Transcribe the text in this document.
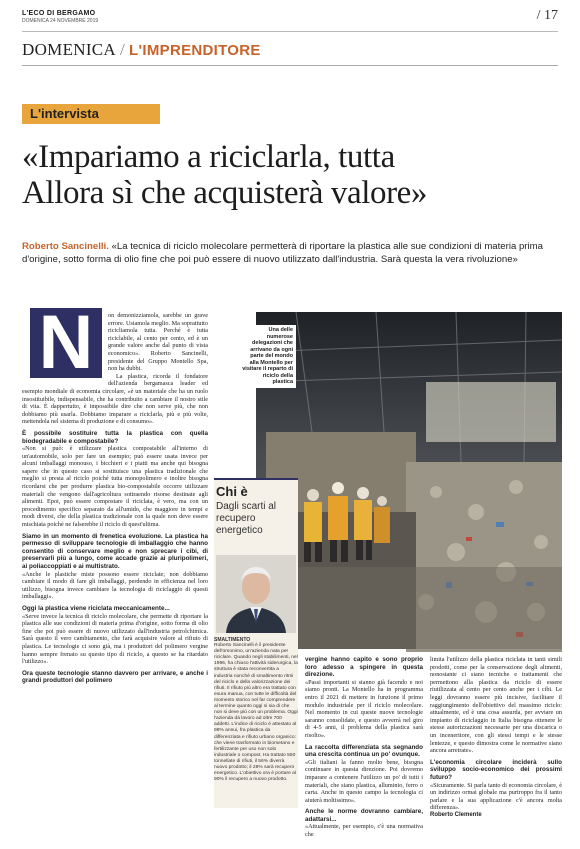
L'ECO DI BERGAMO
DOMENICA 24 NOVEMBRE 2019	/ 17
DOMENICA / L'IMPRENDITORE
L'intervista
«Impariamo a riciclarla, tutta
Allora sì che acquisterà valore»
Roberto Sancinelli. «La tecnica di riciclo molecolare permetterà di riportare la plastica alle sue condizioni di materia prima d'origine, sotto forma di olio fine che poi può essere di nuovo utilizzato dall'industria. Sarà questa la vera rivoluzione»
N	on demonizziamola, sarebbe un grave errore. Usiamola meglio. Ma soprattutto ricicliamola tutta. Perché è tutta riciclabile, al cento per cento, ed è un grande valore anche dal punto di vista economico». Roberto Sancinelli, presidente del Gruppo Montello Spa, non ha dubbi.

La plastica, ricorda il fondatore dell'azienda bergamasca leader ed esempio mondiale di economia circolare, «è un materiale che ha un ruolo insostituibile, indispensabile, che ha contribuito a cambiare il nostro stile di vita. È dappertutto, è impossibile dire che non serve più, che non dobbiamo più usarla. Dobbiamo imparare a riciclarla, più e più volte, mettendola nel sistema di produzione e di consumo».

È possibile sostituire tutta la plastica con quella biodegradabile e compostabile?

«Non si può: è utilizzare plastica compostabile all'interno di un'automobile, solo per fare un esempio; può essere usata invece per alcuni imballaggi monouso, i bicchieri e i piatti ma anche qui bisogna sapere che in questo caso si sostituisce una plastica tradizionale che meglio si presta al riciclo poiché tutta monopolimero e inoltre bisogna ricordarsi che per produrre plastica bio-compostabile occorre utilizzare materiali che vengono dall'agricoltura sottraendo risorse destinate agli alimenti. Epoi, può essere compostare il riciclata, è vero, ma con un procedimento specifico separato da all'umido, che maggiore in tempi e modi diversi, che della plastica tradizionale con la quale non deve essere mischiata poiché ne falserebbe il riciclo di quest'ultima.

Siamo in un momento di frenetica evoluzione. La plastica ha permesso di sviluppare tecnologie di imballaggio che hanno consentito di conservare meglio e non sprecare i cibi, di preservarli più a lungo, come accade grazie ai pluripolimeri, ai poliaccoppiati e ai multistrato.

«Anche le plastiche miste possono essere riciclate; non dobbiamo cambiare il modo di fare gli imballaggi, perdendo in efficienza nel loro utilizzo, bisogna invece cambiare la tecnologia di riciclaggio di questi imballaggi».

Oggi la plastica viene riciclata meccanicamente...

«Serve invece la tecnica di riciclo molecolare, che permette di riportare la plastica alle sue condizioni di materia prima d'origine, sotto forma di olio fine che poi può essere di nuovo utilizzato dall'industria petrolchimica. Sarà questo il vero cambiamento, che farà acquisire valore al rifiuto di plastica. Le tecnologie ci sono già, ma i produttori del polimero vergine hanno sempre frenato su questo tipo di riciclo, a questo se ha ritardato l'utilizzo».

Ora queste tecnologie stanno davvero per arrivare, e anche i grandi produttori del polimero

Una delle numerose delegazioni che arrivano da ogni parte del mondo alla Montello per visitare il reparto di riciclo della plastica
Chi è
Dagli scarti al recupero energetico
SMALTIMENTO
Roberto Sancinelli è il presidente dell'omonimo, un'azienda nata per riciclare. Quando negli stabilimenti, nel 1996, ha chiuso l'attività siderurgica, la struttura è stata reconvertita a industria nonché di smaltimento ritmi del riciclo e della valorizzazione dei rifiuti. Il rifiuto più altro era trattato con esura manua, con tutte le difficoltà del momento storico nel far comprendere al termine quanto oggi si sia di che non si deve più con un problema. Oggi l'azienda dà lavoro ad oltre 700 addetti. L'indice di riciclo è attestato al 98% annui, fra plastica da differenziata e rifiuto urbano organico: che viene trasformato in biometano e fertilizzante per uso non solo industriale o compost. Ha trattato 550 tonnellate di rifiuti, il 56% diverrà nuovo prodotto; il 28% sarà recupero energetico. L'obiettivo ora è portare al 90% il recupero a nuovo prodotto.

vergine hanno capito e sono proprio loro adesso a spingere in questa direzione.

«Passi importanti si stanno già facendo e noi siamo pronti. La Montello ha in programma entro il 2021 di mettere in funzione il primo modulo industriale per il riciclo molecolare. Nel momento in cui queste nuove tecnologie saranno consolidate, e questo avverrà nel giro di 4-5 anni, il problema della plastica sarà risolto».

La raccolta differenziata sta segnando una crescita continua un po' ovunque.

«Gli italiani la fanno molto bene, bisogna continuare in questa direzione. Poi dovremo imparare a contenere l'utilizzo un po' di tutti i materiali, che siano plastica, alluminio, ferro o carta. Anche in questo campo la tecnologia ci aiuterà moltissimo».

Anche le norme dovranno cambiare, adattarsi...

«Attualmente, per esempio, c'è una normativa che

limita l'utilizzo della plastica riciclata in tanti simili prodotti, come per la conservazione degli alimenti, nonostante ci siano tecniche e trattamenti che permettono alla plastica da riciclo di essere riutilizzata al cento per cento anche per i cibi. Le leggi dovranno essere più incisive, facilitare il raggiungimento dell'obiettivo del massimo riciclo: attualmente, ed è una cosa assurda, per avviare un impianto di riciclaggio in Italia bisogna ottenere le stesse autorizzazioni necessarie per una discarica o un inceneritore, con gli stessi tempi e le stesse lentezze, e questo dimostra come le normative siano ancora arretrate».

L'economia circolare inciderà sullo sviluppo socio-economico dei prossimi futuro?

«Sicuramente. Si parla tanto di economia circolare, è un indirizzo ormai globale ma purtroppo fra il tanto parlare e la sua applicazione c'è ancora molta differenza».

Roberto Clemente
